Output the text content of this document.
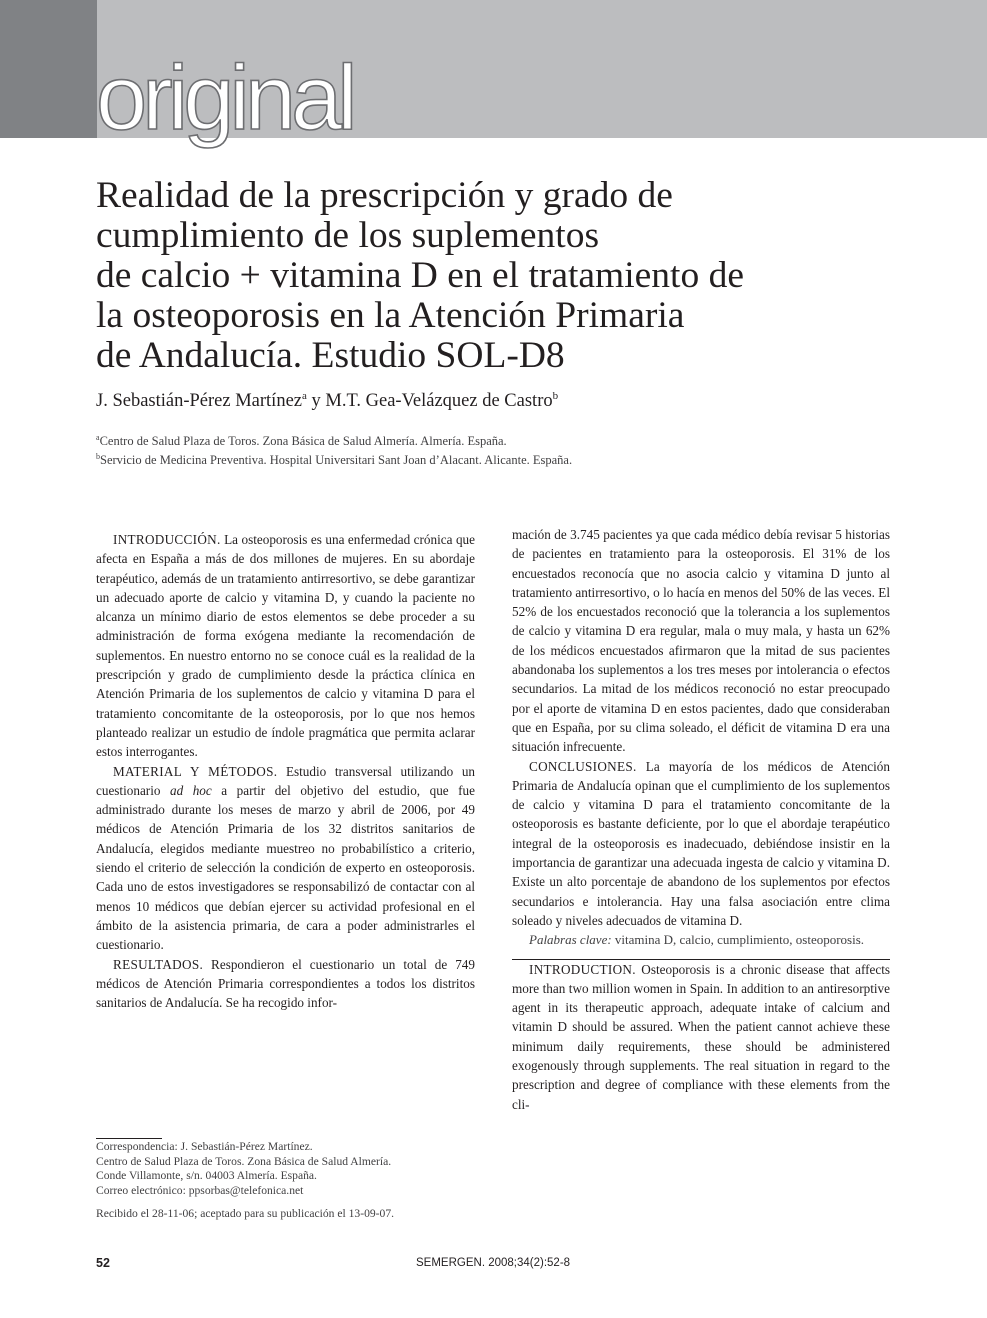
original
Realidad de la prescripción y grado de
cumplimiento de los suplementos
de calcio + vitamina D en el tratamiento de
la osteoporosis en la Atención Primaria
de Andalucía. Estudio SOL-D8
J. Sebastián-Pérez Martínez$^a$ y M.T. Gea-Velázquez de Castro$^b$
$^a$Centro de Salud Plaza de Toros. Zona Básica de Salud Almería. Almería. España.
$^b$Servicio de Medicina Preventiva. Hospital Universitari Sant Joan d’Alacant. Alicante. España.

INTRODUCCIÓN. La osteoporosis es una enfermedad crónica que afecta en España a más de dos millones de mujeres. En su abordaje terapéutico, además de un tratamiento antirresortivo, se debe garantizar un adecuado aporte de calcio y vitamina D, y cuando la paciente no alcanza un mínimo diario de estos elementos se debe proceder a su administración de forma exógena mediante la recomendación de suplementos. En nuestro entorno no se conoce cuál es la realidad de la prescripción y grado de cumplimiento desde la práctica clínica en Atención Primaria de los suplementos de calcio y vitamina D para el tratamiento concomitante de la osteoporosis, por lo que nos hemos planteado realizar un estudio de índole pragmática que permita aclarar estos interrogantes.

MATERIAL Y MÉTODOS. Estudio transversal utilizando un cuestionario ad hoc a partir del objetivo del estudio, que fue administrado durante los meses de marzo y abril de 2006, por 49 médicos de Atención Primaria de los 32 distritos sanitarios de Andalucía, elegidos mediante muestreo no probabilístico a criterio, siendo el criterio de selección la condición de experto en osteoporosis. Cada uno de estos investigadores se responsabilizó de contactar con al menos 10 médicos que debían ejercer su actividad profesional en el ámbito de la asistencia primaria, de cara a poder administrarles el cuestionario.

RESULTADOS. Respondieron el cuestionario un total de 749 médicos de Atención Primaria correspondientes a todos los distritos sanitarios de Andalucía. Se ha recogido infor-

mación de 3.745 pacientes ya que cada médico debía revisar 5 historias de pacientes en tratamiento para la osteoporosis. El 31% de los encuestados reconocía que no asocia calcio y vitamina D junto al tratamiento antirresortivo, o lo hacía en menos del 50% de las veces. El 52% de los encuestados reconoció que la tolerancia a los suplementos de calcio y vitamina D era regular, mala o muy mala, y hasta un 62% de los médicos encuestados afirmaron que la mitad de sus pacientes abandonaba los suplementos a los tres meses por intolerancia o efectos secundarios. La mitad de los médicos reconoció no estar preocupado por el aporte de vitamina D en estos pacientes, dado que consideraban que en España, por su clima soleado, el déficit de vitamina D era una situación infrecuente.

CONCLUSIONES. La mayoría de los médicos de Atención Primaria de Andalucía opinan que el cumplimiento de los suplementos de calcio y vitamina D para el tratamiento concomitante de la osteoporosis es bastante deficiente, por lo que el abordaje terapéutico integral de la osteoporosis es inadecuado, debiéndose insistir en la importancia de garantizar una adecuada ingesta de calcio y vitamina D. Existe un alto porcentaje de abandono de los suplementos por efectos secundarios e intolerancia. Hay una falsa asociación entre clima soleado y niveles adecuados de vitamina D.

Palabras clave: vitamina D, calcio, cumplimiento, osteoporosis.

INTRODUCTION. Osteoporosis is a chronic disease that affects more than two million women in Spain. In addition to an antiresorptive agent in its therapeutic approach, adequate intake of calcium and vitamin D should be assured. When the patient cannot achieve these minimum daily requirements, these should be administered exogenously through supplements. The real situation in regard to the prescription and degree of compliance with these elements from the cli-

Correspondencia: J. Sebastián-Pérez Martínez.
Centro de Salud Plaza de Toros. Zona Básica de Salud Almería.
Conde Villamonte, s/n. 04003 Almería. España.
Correo electrónico: ppsorbas@telefonica.net
Recibido el 28-11-06; aceptado para su publicación el 13-09-07.
52	SEMERGEN. 2008;34(2):52-8
